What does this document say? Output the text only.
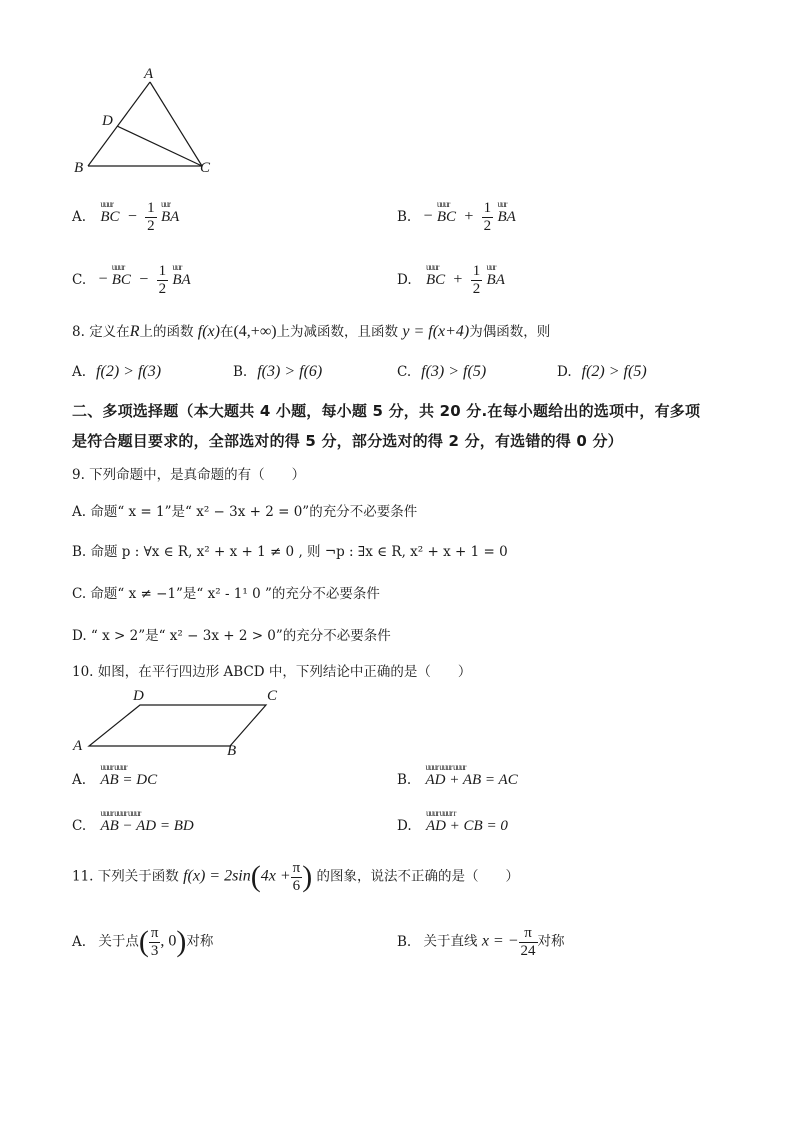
A
D
B	C
A.
uuur
BC − $\frac{1}{2}$
uur
BA	B. −
uuur
BC + $\frac{1}{2}$
uur
BA
C. −
uuur
BC − $\frac{1}{2}$
uur
BA	D.
uuur
BC + $\frac{1}{2}$
uur
BA
8. 定义在R上的函数 f(x)在(4,+∞)上为减函数，且函数 y = f(x+4)为偶函数，则
A. f(2) > f(3)	B. f(3) > f(6)	C. f(3) > f(5)	D. f(2) > f(5)
二、多项选择题（本大题共 4 小题，每小题 5 分，共 20 分.在每小题给出的选项中，有多项
是符合题目要求的，全部选对的得 5 分，部分选对的得 2 分，有选错的得 0 分）
9. 下列命题中，是真命题的有（　　）
A. 命题“ x = 1”是“ x² − 3x + 2 = 0”的充分不必要条件
B. 命题 p : ∀x ∈ R, x² + x + 1 ≠ 0 , 则 ¬p : ∃x ∈ R, x² + x + 1 = 0
C. 命题“ x ≠ −1”是“ x² - 1¹ 0 ”的充分不必要条件
D. “ x > 2”是“ x² − 3x + 2 > 0”的充分不必要条件
10. 如图，在平行四边形 ABCD 中，下列结论中正确的是（　　）
D	C
A	B
A.
uuur uuur
AB = DC	B.
uuur uuur uuur
AD + AB = AC
C.
uuur uuur uuur
AB − AD = BD	D.
uuur uuur r
AD + CB = 0
11. 下列关于函数 $f(x) = 2\sin(4x + \frac{\pi}{6}$ ) 的图象，说法不正确的是（　　）
A. 关于点( $\frac{\pi}{3}$ , 0)对称	B. 关于直线 x = − $\frac{\pi}{24}$ 对称
